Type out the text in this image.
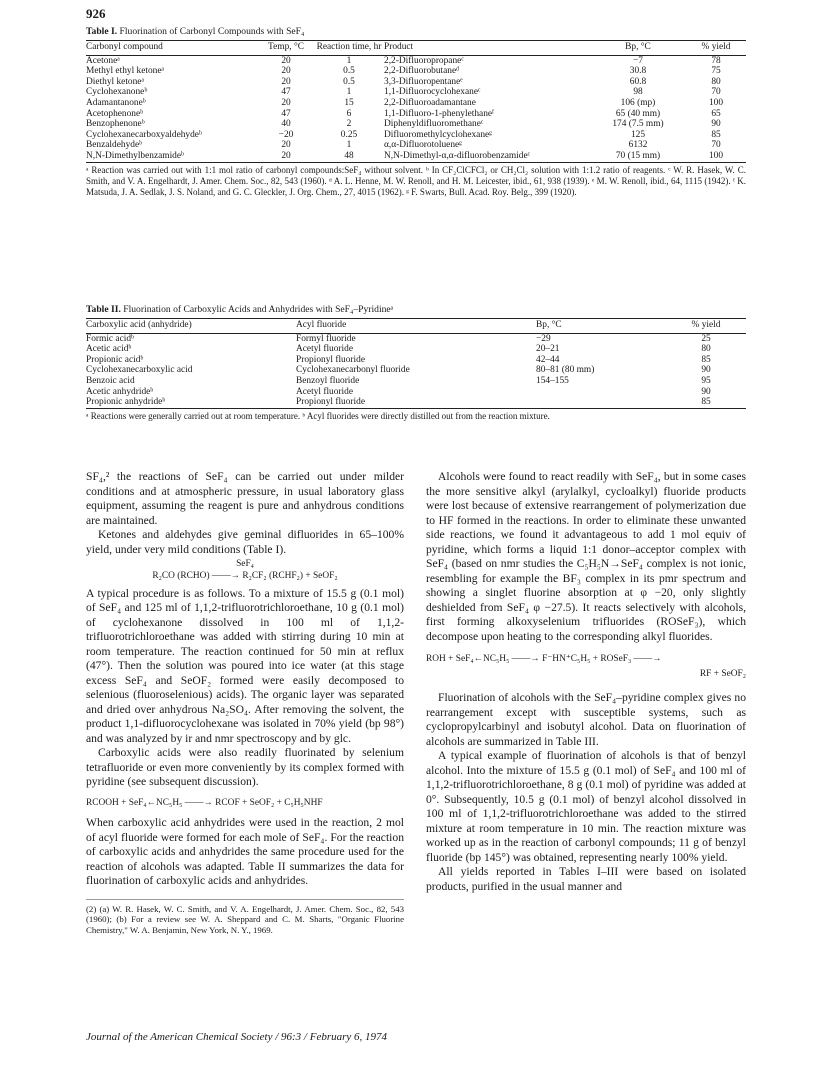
926
Table I. Fluorination of Carbonyl Compounds with SeF₄
Carbonyl compound	Temp, °C	Reaction time, hr	Product	Bp, °C	% yield
Acetoneᵃ	20	1	2,2-Difluoropropaneᶜ	−7	78
Methyl ethyl ketoneᵃ	20	0.5	2,2-Difluorobutaneᵈ	30.8	75
Diethyl ketoneᵃ	20	0.5	3,3-Difluoropentaneᵉ	60.8	80
Cyclohexanoneᵇ	47	1	1,1-Difluorocyclohexaneᶜ	98	70
Adamantanoneᵇ	20	15	2,2-Difluoroadamantane	106 (mp)	100
Acetophenoneᵇ	47	6	1,1-Difluoro-1-phenylethaneᶠ	65 (40 mm)	65
Benzophenoneᵇ	40	2	Diphenyldifluoromethaneᶜ	174 (7.5 mm)	90
Cyclohexanecarboxyaldehydeᵇ	−20	0.25	Difluoromethylcyclohexaneᵍ	125	85
Benzaldehydeᵇ	20	1	α,α-Difluorotolueneᵍ	6132	70
N,N-Dimethylbenzamideᵇ	20	48	N,N-Dimethyl-α,α-difluorobenzamideᶜ	70 (15 mm)	100
ᵃ Reaction was carried out with 1:1 mol ratio of carbonyl compounds:SeF₄ without solvent. ᵇ In CF₂ClCFCl₂ or CH₂Cl₂ solution with 1:1.2 ratio of reagents. ᶜ W. R. Hasek, W. C. Smith, and V. A. Engelhardt, J. Amer. Chem. Soc., 82, 543 (1960). ᵈ A. L. Henne, M. W. Renoll, and H. M. Leicester, ibid., 61, 938 (1939). ᵉ M. W. Renoll, ibid., 64, 1115 (1942). ᶠ K. Matsuda, J. A. Sedlak, J. S. Noland, and G. C. Gleckler, J. Org. Chem., 27, 4015 (1962). ᵍ F. Swarts, Bull. Acad. Roy. Belg., 399 (1920).
Table II. Fluorination of Carboxylic Acids and Anhydrides with SeF₄–Pyridineᵃ
Carboxylic acid (anhydride)	Acyl fluoride	Bp, °C	% yield
Formic acidᵇ	Formyl fluoride	−29	25
Acetic acidᵇ	Acetyl fluoride	20–21	80
Propionic acidᵇ	Propionyl fluoride	42–44	85
Cyclohexanecarboxylic acid	Cyclohexanecarbonyl fluoride	80–81 (80 mm)	90
Benzoic acid	Benzoyl fluoride	154–155	95
Acetic anhydrideᵇ	Acetyl fluoride		90
Propionic anhydrideᵇ	Propionyl fluoride		85
ᵃ Reactions were generally carried out at room temperature. ᵇ Acyl fluorides were directly distilled out from the reaction mixture.

SF₄,² the reactions of SeF₄ can be carried out under milder conditions and at atmospheric pressure, in usual laboratory glass equipment, assuming the reagent is pure and anhydrous conditions are maintained.

Ketones and aldehydes give geminal difluorides in 65–100% yield, under very mild conditions (Table I).

SeF₄
R₂CO (RCHO) ——→ R₂CF₂ (RCHF₂) + SeOF₂

A typical procedure is as follows. To a mixture of 15.5 g (0.1 mol) of SeF₄ and 125 ml of 1,1,2-trifluorotrichloroethane, 10 g (0.1 mol) of cyclohexanone dissolved in 100 ml of 1,1,2-trifluorotrichloroethane was added with stirring during 10 min at room temperature. The reaction continued for 50 min at reflux (47°). Then the solution was poured into ice water (at this stage excess SeF₄ and SeOF₂ formed were easily decomposed to selenious (fluoroselenious) acids). The organic layer was separated and dried over anhydrous Na₂SO₄. After removing the solvent, the product 1,1-difluorocyclohexane was isolated in 70% yield (bp 98°) and was analyzed by ir and nmr spectroscopy and by glc.

Carboxylic acids were also readily fluorinated by selenium tetrafluoride or even more conveniently by its complex formed with pyridine (see subsequent discussion).

RCOOH + SeF₄←NC₅H₅ ——→ RCOF + SeOF₂ + C₅H₅NHF

When carboxylic acid anhydrides were used in the reaction, 2 mol of acyl fluoride were formed for each mole of SeF₄. For the reaction of carboxylic acids and anhydrides the same procedure used for the reaction of alcohols was adapted. Table II summarizes the data for fluorination of carboxylic acids and anhydrides.

(2) (a) W. R. Hasek, W. C. Smith, and V. A. Engelhardt, J. Amer. Chem. Soc., 82, 543 (1960); (b) For a review see W. A. Sheppard and C. M. Sharts, "Organic Fluorine Chemistry," W. A. Benjamin, New York, N. Y., 1969.

Alcohols were found to react readily with SeF₄, but in some cases the more sensitive alkyl (arylalkyl, cycloalkyl) fluoride products were lost because of extensive rearrangement of polymerization due to HF formed in the reactions. In order to eliminate these unwanted side reactions, we found it advantageous to add 1 mol equiv of pyridine, which forms a liquid 1:1 donor–acceptor complex with SeF₄ (based on nmr studies the C₅H₅N→SeF₄ complex is not ionic, resembling for example the BF₃ complex in its pmr spectrum and showing a singlet fluorine absorption at φ −20, only slightly deshielded from SeF₄ φ −27.5). It reacts selectively with alcohols, first forming alkoxyselenium trifluorides (ROSeF₃), which decompose upon heating to the corresponding alkyl fluorides.

ROH + SeF₄←NC₅H₅ ——→ F⁻HN⁺C₅H₅ + ROSeF₃ ——→
RF + SeOF₂

Fluorination of alcohols with the SeF₄–pyridine complex gives no rearrangement except with susceptible systems, such as cyclopropylcarbinyl and isobutyl alcohol. Data on fluorination of alcohols are summarized in Table III.

A typical example of fluorination of alcohols is that of benzyl alcohol. Into the mixture of 15.5 g (0.1 mol) of SeF₄ and 100 ml of 1,1,2-trifluorotrichloroethane, 8 g (0.1 mol) of pyridine was added at 0°. Subsequently, 10.5 g (0.1 mol) of benzyl alcohol dissolved in 100 ml of 1,1,2-trifluorotrichloroethane was added to the stirred mixture at room temperature in 10 min. The reaction mixture was worked up as in the reaction of carbonyl compounds; 11 g of benzyl fluoride (bp 145°) was obtained, representing nearly 100% yield.

All yields reported in Tables I–III were based on isolated products, purified in the usual manner and

Journal of the American Chemical Society / 96:3 / February 6, 1974
